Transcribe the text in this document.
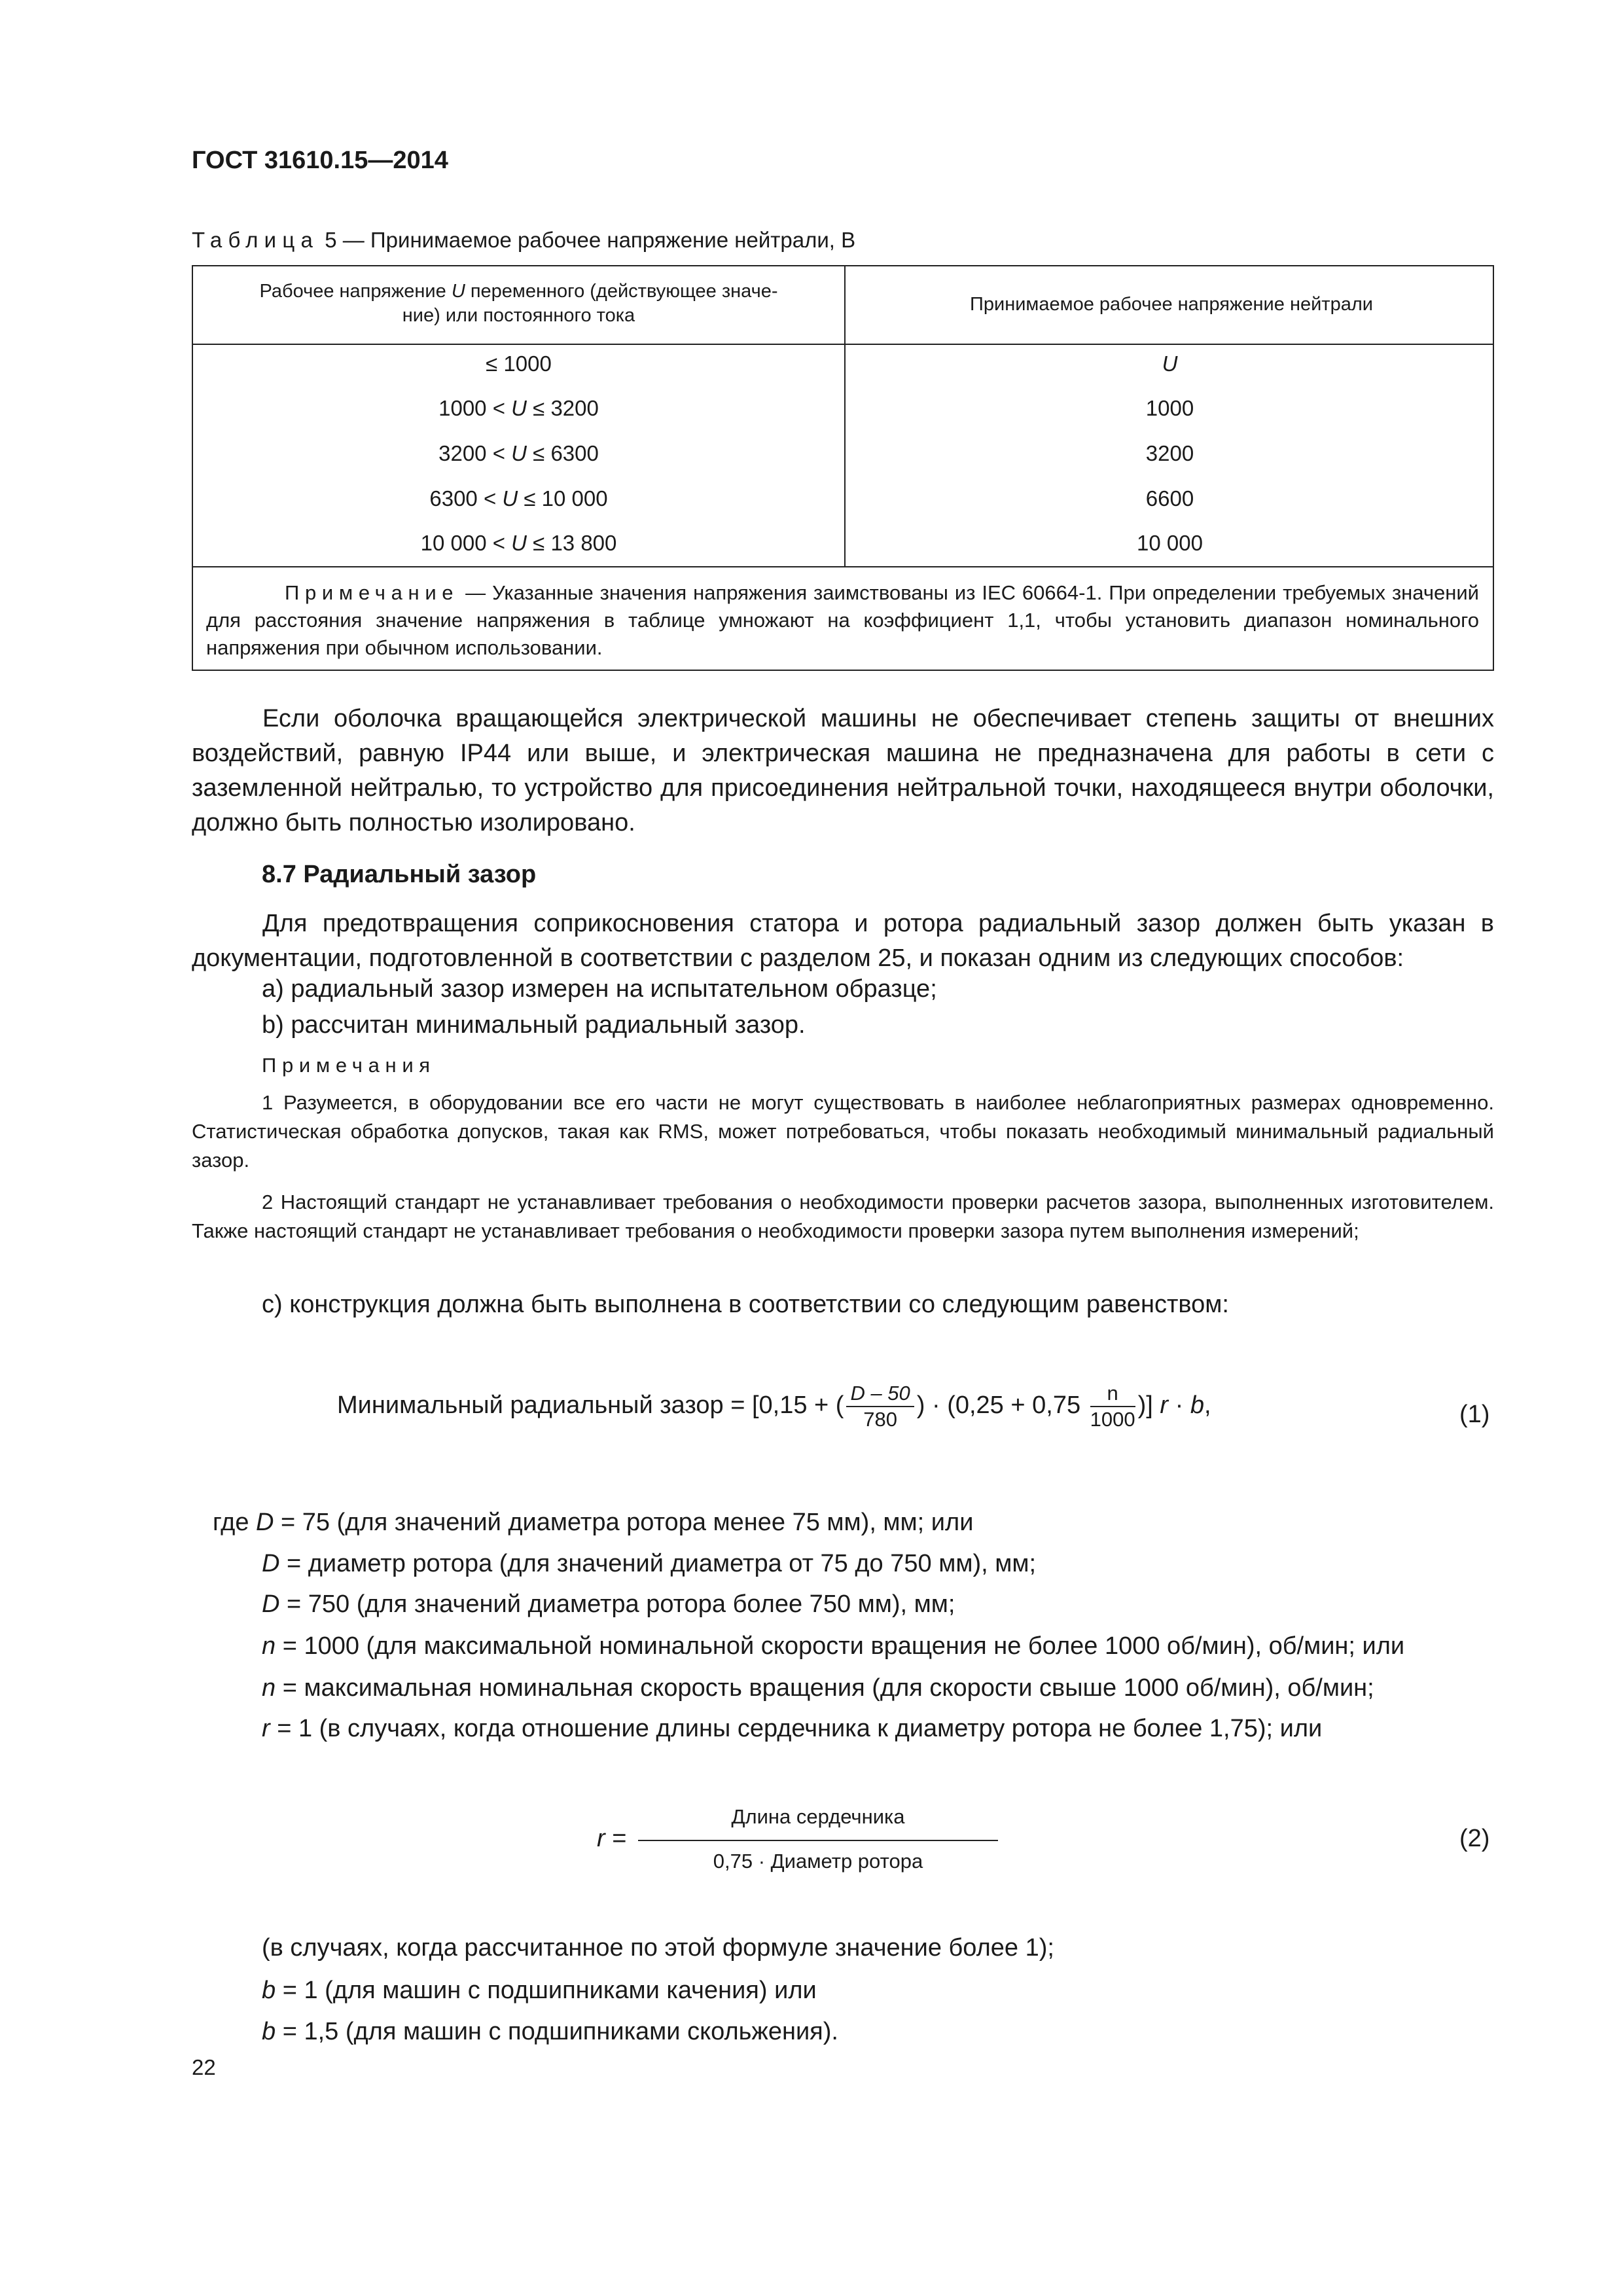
ГОСТ 31610.15—2014
Таблица 5 — Принимаемое рабочее напряжение нейтрали, В
Рабочее напряжение U переменного (действующее значе-
ние) или постоянного тока
Принимаемое рабочее напряжение нейтрали
≤ 1000	U
1000 < U ≤ 3200	1000
3200 < U ≤ 6300	3200
6300 < U ≤ 10 000	6600
10 000 < U ≤ 13 800	10 000
Примечание — Указанные значения напряжения заимствованы из IEC 60664-1. При определении требуемых значений для расстояния значение напряжения в таблице умножают на коэффициент 1,1, чтобы установить диапазон номинального напряжения при обычном использовании.
Если оболочка вращающейся электрической машины не обеспечивает степень защиты от внешних воздействий, равную IP44 или выше, и электрическая машина не предназначена для работы в сети с заземленной нейтралью, то устройство для присоединения нейтральной точки, находящееся внутри оболочки, должно быть полностью изолировано.
8.7 Радиальный зазор
Для предотвращения соприкосновения статора и ротора радиальный зазор должен быть указан в документации, подготовленной в соответствии с разделом 25, и показан одним из следующих способов:
а) радиальный зазор измерен на испытательном образце;
b) рассчитан минимальный радиальный зазор.
Примечания
1 Разумеется, в оборудовании все его части не могут существовать в наиболее неблагоприятных размерах одновременно. Статистическая обработка допусков, такая как RMS, может потребоваться, чтобы показать необходимый минимальный радиальный зазор.
2 Настоящий стандарт не устанавливает требования о необходимости проверки расчетов зазора, выполненных изготовителем. Также настоящий стандарт не устанавливает требования о необходимости проверки зазора путем выполнения измерений;
с) конструкция должна быть выполнена в соответствии со следующим равенством:
Минимальный радиальный зазор = [0,15 + ( $\frac{D - 50}{780}$ ) · ($0,25 + 0,75 \frac{n}{1000}$ )] r · b,	(1)
где D = 75 (для значений диаметра ротора менее 75 мм), мм; или
D = диаметр ротора (для значений диаметра от 75 до 750 мм), мм;
D = 750 (для значений диаметра ротора более 750 мм), мм;
n = 1000 (для максимальной номинальной скорости вращения не более 1000 об/мин), об/мин; или
n = максимальная номинальная скорость вращения (для скорости свыше 1000 об/мин), об/мин;
r = 1 (в случаях, когда отношение длины сердечника к диаметру ротора не более 1,75); или
r =
Длина сердечника
0,75 · Диаметр ротора
(2)
(в случаях, когда рассчитанное по этой формуле значение более 1);
b = 1 (для машин с подшипниками качения) или
b = 1,5 (для машин с подшипниками скольжения).
22
